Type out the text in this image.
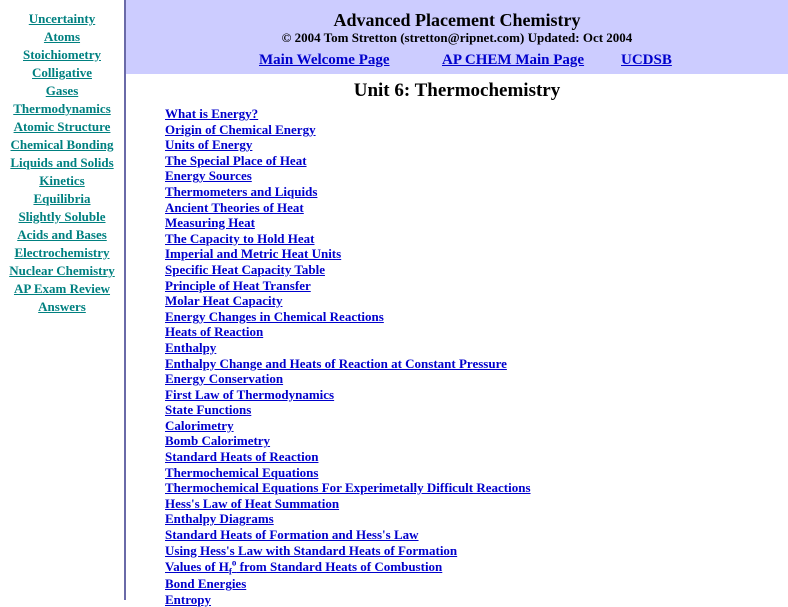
Uncertainty
Atoms
Stoichiometry
Colligative
Gases
Thermodynamics
Atomic Structure
Chemical Bonding
Liquids and Solids
Kinetics
Equilibria
Slightly Soluble
Acids and Bases
Electrochemistry
Nuclear Chemistry
AP Exam Review
Answers
Advanced Placement Chemistry
© 2004 Tom Stretton (stretton@ripnet.com) Updated: Oct 2004
Main Welcome Page	AP CHEM Main Page UCDSB
Unit 6: Thermochemistry
What is Energy?
Origin of Chemical Energy
Units of Energy
The Special Place of Heat
Energy Sources
Thermometers and Liquids
Ancient Theories of Heat
Measuring Heat
The Capacity to Hold Heat
Imperial and Metric Heat Units
Specific Heat Capacity Table
Principle of Heat Transfer
Molar Heat Capacity
Energy Changes in Chemical Reactions
Heats of Reaction
Enthalpy
Enthalpy Change and Heats of Reaction at Constant Pressure
Energy Conservation
First Law of Thermodynamics
State Functions
Calorimetry
Bomb Calorimetry
Standard Heats of Reaction
Thermochemical Equations
Thermochemical Equations For Experimetally Difficult Reactions
Hess's Law of Heat Summation
Enthalpy Diagrams
Standard Heats of Formation and Hess's Law
Using Hess's Law with Standard Heats of Formation
Values of $H_f^o$ from Standard Heats of Combustion
Bond Energies
Entropy
